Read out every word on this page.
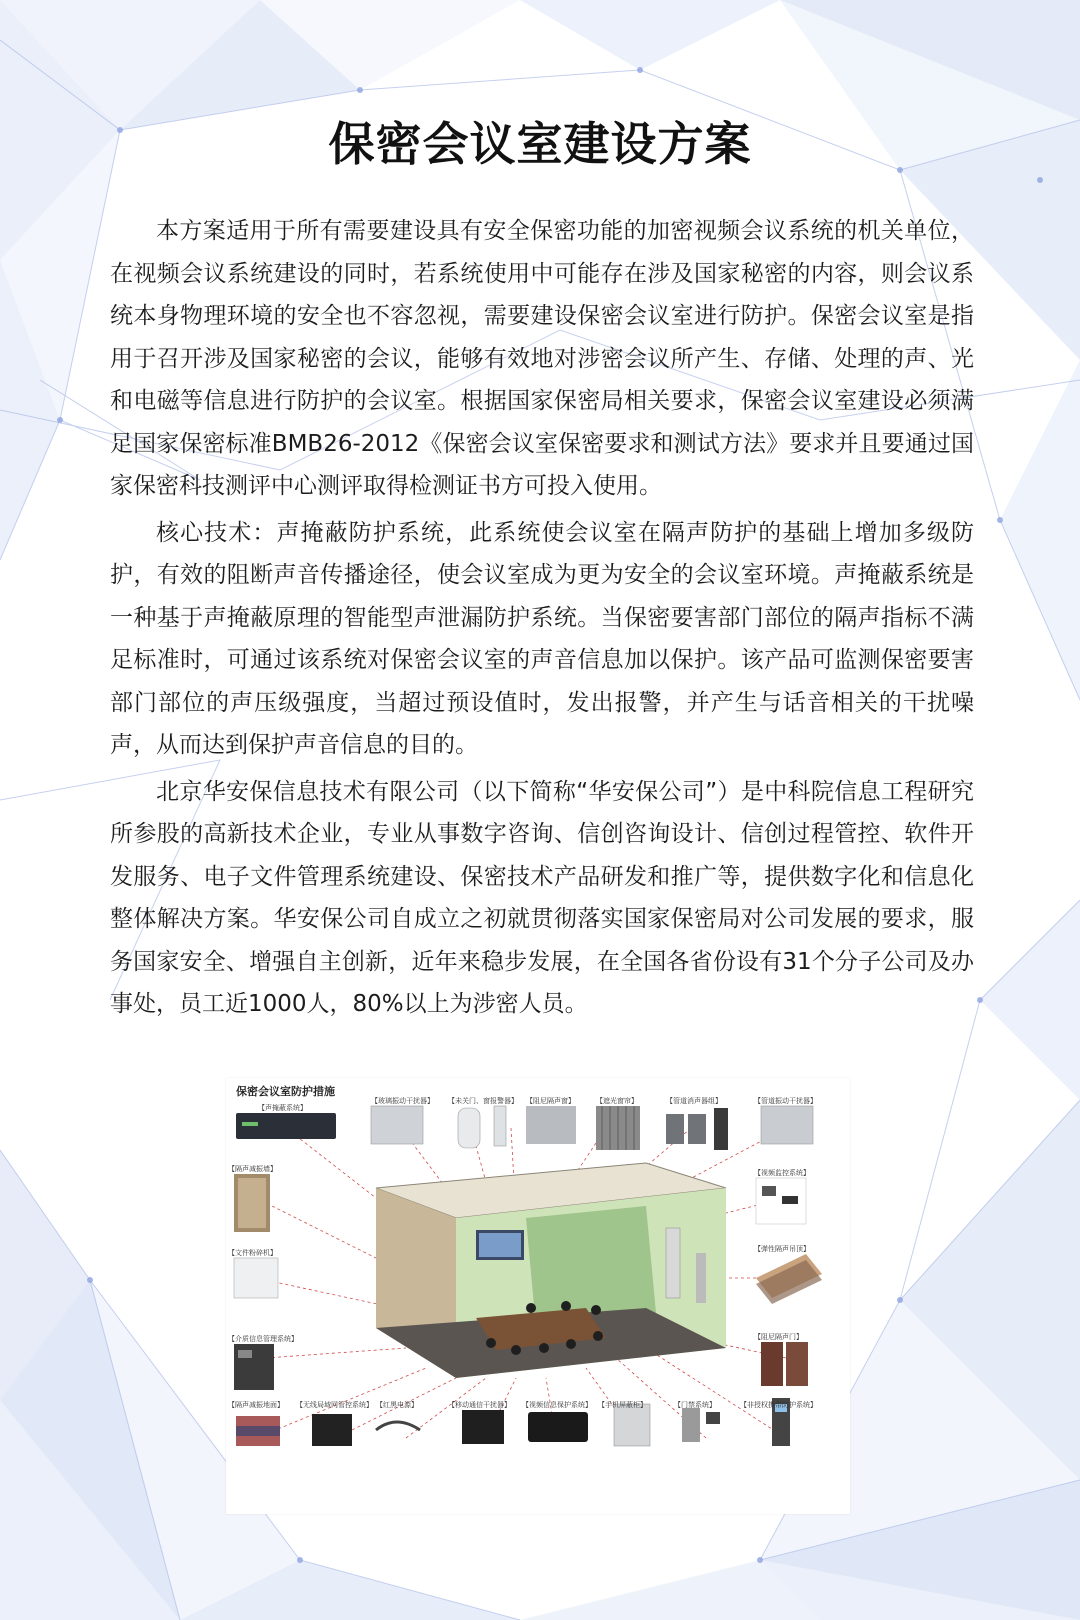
保密会议室建设方案

本方案适用于所有需要建设具有安全保密功能的加密视频会议系统的机关单位，在视频会议系统建设的同时，若系统使用中可能存在涉及国家秘密的内容，则会议系统本身物理环境的安全也不容忽视，需要建设保密会议室进行防护。保密会议室是指用于召开涉及国家秘密的会议，能够有效地对涉密会议所产生、存储、处理的声、光和电磁等信息进行防护的会议室。根据国家保密局相关要求，保密会议室建设必须满足国家保密标准BMB26-2012《保密会议室保密要求和测试方法》要求并且要通过国家保密科技测评中心测评取得检测证书方可投入使用。

核心技术：声掩蔽防护系统，此系统使会议室在隔声防护的基础上增加多级防护，有效的阻断声音传播途径，使会议室成为更为安全的会议室环境。声掩蔽系统是一种基于声掩蔽原理的智能型声泄漏防护系统。当保密要害部门部位的隔声指标不满足标准时，可通过该系统对保密会议室的声音信息加以保护。该产品可监测保密要害部门部位的声压级强度，当超过预设值时，发出报警，并产生与话音相关的干扰噪声，从而达到保护声音信息的目的。

北京华安保信息技术有限公司（以下简称“华安保公司”）是中科院信息工程研究所参股的高新技术企业，专业从事数字咨询、信创咨询设计、信创过程管控、软件开发服务、电子文件管理系统建设、保密技术产品研发和推广等，提供数字化和信息化整体解决方案。华安保公司自成立之初就贯彻落实国家保密局对公司发展的要求，服务国家安全、增强自主创新，近年来稳步发展，在全国各省份设有31个分子公司及办事处，员工近1000人，80%以上为涉密人员。

保密会议室防护措施
【声掩蔽系统】
【玻璃振动干扰器】 【未关门、窗报警器】 【阻尼隔声窗】	【遮光窗帘】	【管道消声器组】	【管道振动干扰器】
【隔声减振墙】
【文件粉碎机】
【介质信息管理系统】
【视频监控系统】
【弹性隔声吊顶】
【阻尼隔声门】
【隔声减振地面】 【无线局域网管控系统】 【红黑电源】	【移动通信干扰器】 【视频信息保护系统】 【手机屏蔽柜】	【门禁系统】	【非授权携带防护系统】
